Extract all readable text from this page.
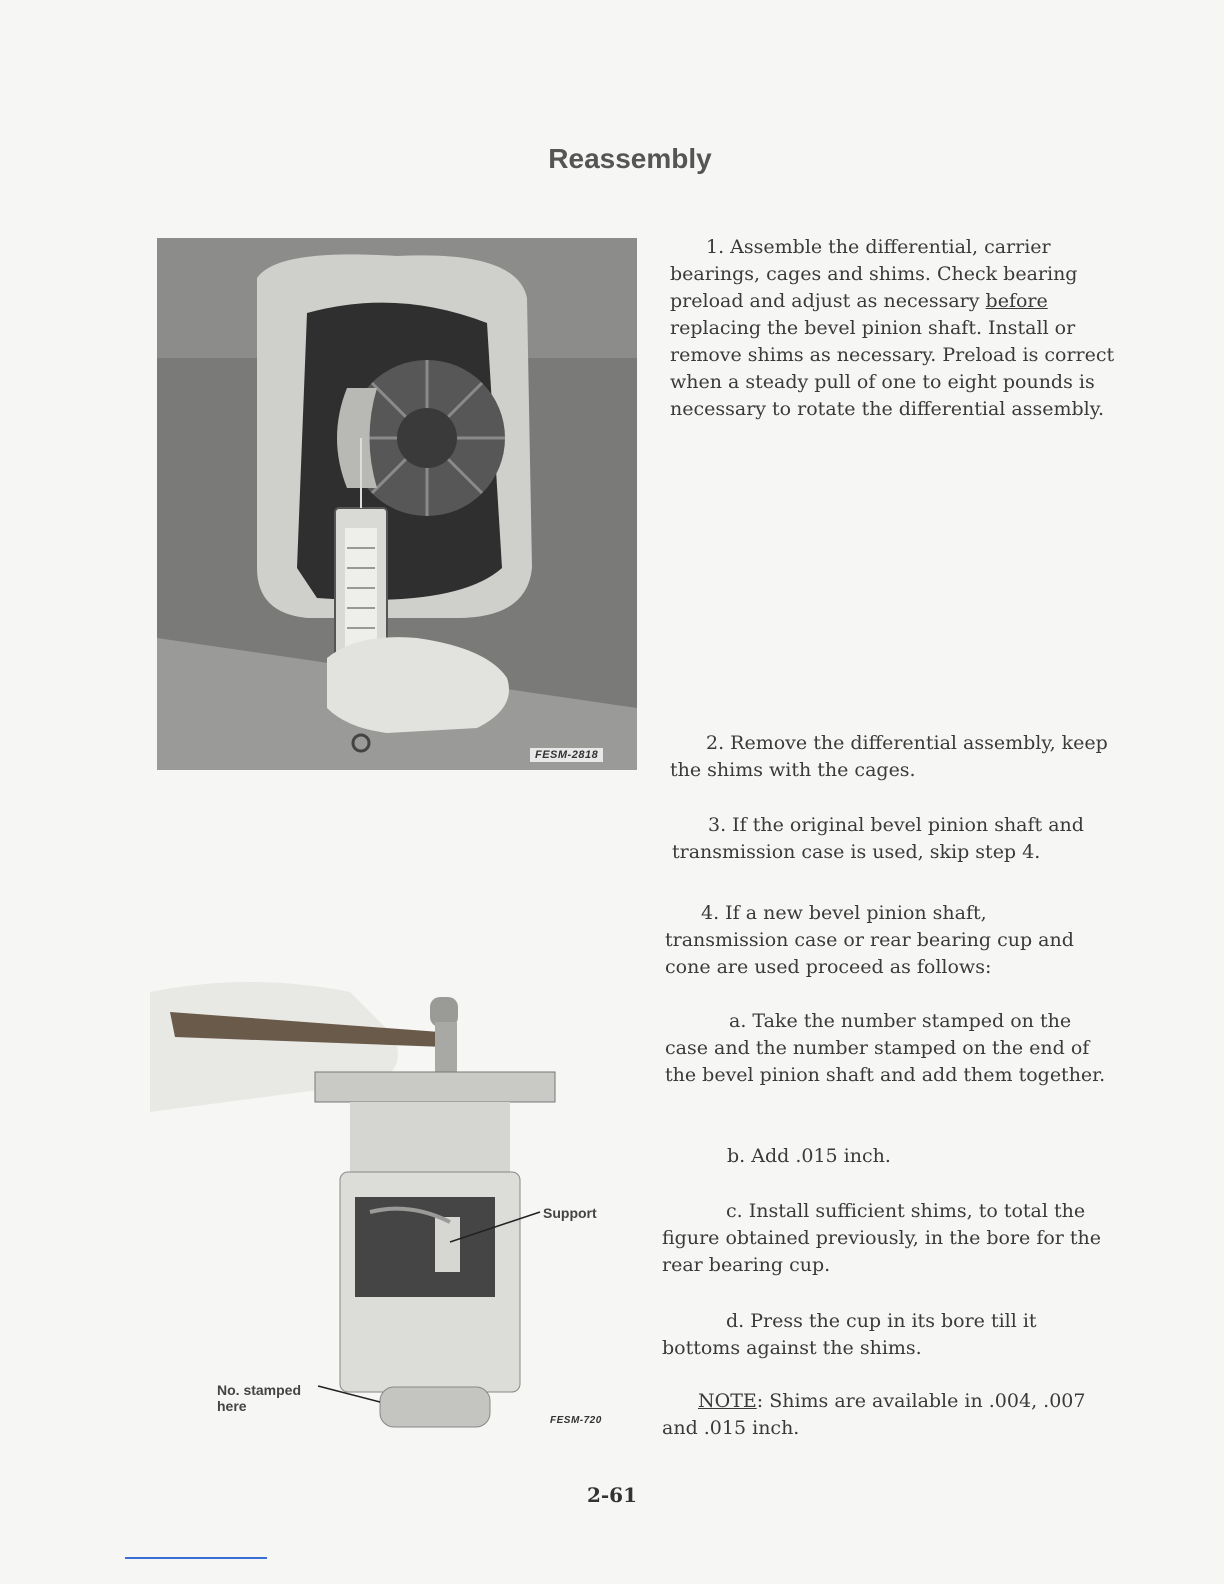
Reassembly
FESM-2818
Support
No. stamped here
FESM-720
1. Assemble the differential, carrier bearings, cages and shims. Check bearing preload and adjust as necessary before replacing the bevel pinion shaft. Install or remove shims as necessary. Preload is correct when a steady pull of one to eight pounds is necessary to rotate the differential assembly.
2. Remove the differential assembly, keep the shims with the cages.
3. If the original bevel pinion shaft and transmission case is used, skip step 4.
4. If a new bevel pinion shaft, transmission case or rear bearing cup and cone are used proceed as follows:
a. Take the number stamped on the case and the number stamped on the end of the bevel pinion shaft and add them together.
b. Add .015 inch.
c. Install sufficient shims, to total the figure obtained previously, in the bore for the rear bearing cup.
d. Press the cup in its bore till it bottoms against the shims.
NOTE: Shims are available in .004, .007 and .015 inch.
2-61
